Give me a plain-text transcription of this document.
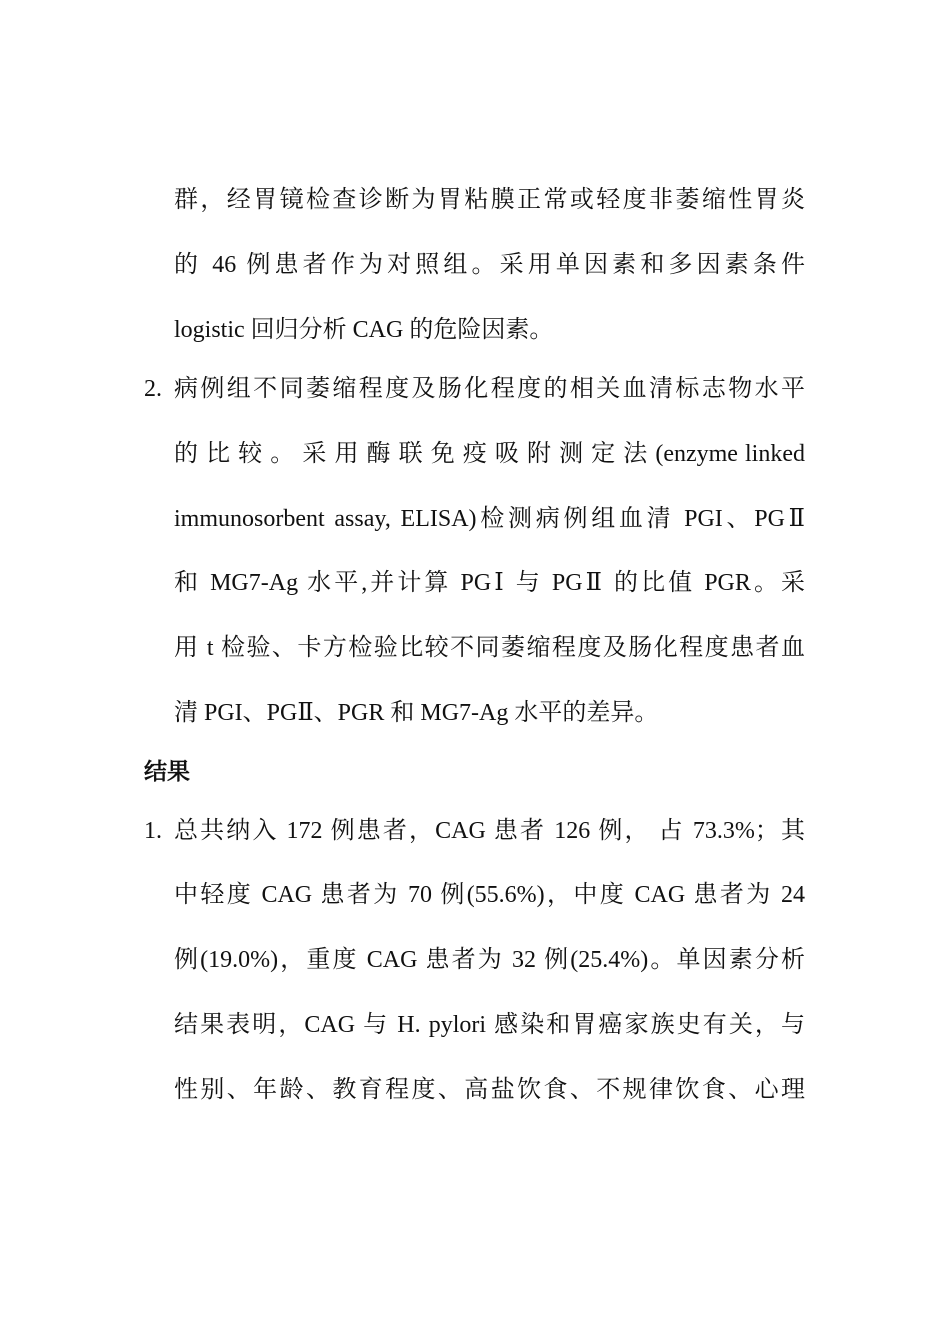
群，经胃镜检查诊断为胃粘膜正常或轻度非萎缩性胃炎
的 46 例患者作为对照组。采用单因素和多因素条件
logistic 回归分析 CAG 的危险因素。
2. 病例组不同萎缩程度及肠化程度的相关血清标志物水平
的 比 较 。 采 用 酶 联 免 疫 吸 附 测 定 法 (enzyme linked
immunosorbent assay, ELISA)检测病例组血清 PGI、PGⅡ
和 MG7-Ag 水平,并计算 PGⅠ 与 PGⅡ 的比值 PGR。采
用 t 检验、卡方检验比较不同萎缩程度及肠化程度患者血
清 PGI、PGⅡ、PGR 和 MG7-Ag 水平的差异。
结果
1. 总共纳入 172 例患者，CAG 患者 126 例， 占 73.3%；其
中轻度 CAG 患者为 70 例(55.6%)，中度 CAG 患者为 24
例(19.0%)，重度 CAG 患者为 32 例(25.4%)。单因素分析
结果表明，CAG 与 H. pylori 感染和胃癌家族史有关，与
性别、年龄、教育程度、高盐饮食、不规律饮食、心理
